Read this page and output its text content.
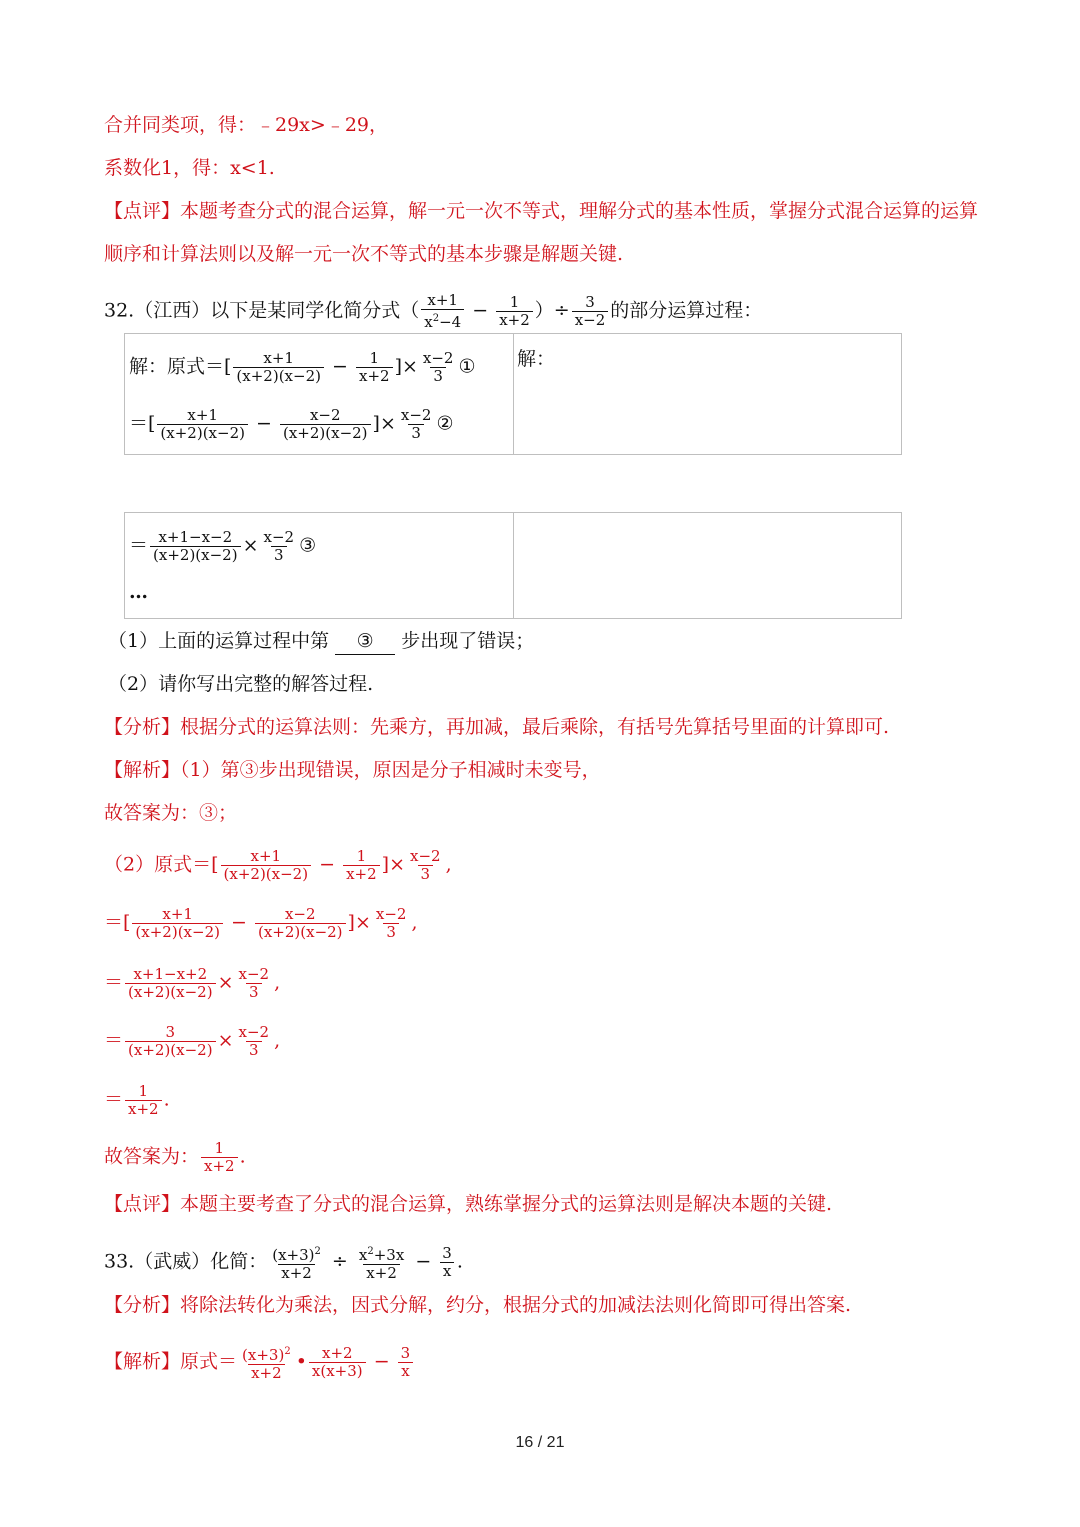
合并同类项，得：﹣29x>﹣29，
系数化1，得：x<1.
【点评】本题考查分式的混合运算，解一元一次不等式，理解分式的基本性质，掌握分式混合运算的运算
顺序和计算法则以及解一元一次不等式的基本步骤是解题关键.
32.（江西）以下是某同学化简分式（ $\frac{x+1}{x^2-4} - \frac{1}{x+2}$ ）÷ $\frac{3}{x-2}$ 的部分运算过程：
解：原式＝[ $\frac{x+1}{(x+2)(x-2)} - \frac{1}{x+2}$ ]× $\frac{x-2}{3}$ ①
＝[ $\frac{x+1}{(x+2)(x-2)} - \frac{x-2}{(x+2)(x-2)}$ ]× $\frac{x-2}{3}$ ②
解：
＝ $\frac{x+1-x-2}{(x+2)(x-2)} \times \frac{x-2}{3}$ ③
…
（1）上面的运算过程中第 ③ 步出现了错误；
（2）请你写出完整的解答过程.
【分析】根据分式的运算法则：先乘方，再加减，最后乘除，有括号先算括号里面的计算即可.
【解析】（1）第③步出现错误，原因是分子相减时未变号，
故答案为：③；
（2）原式＝[ $\frac{x+1}{(x+2)(x-2)} - \frac{1}{x+2}$ ]× $\frac{x-2}{3}$ ,
＝[ $\frac{x+1}{(x+2)(x-2)} - \frac{x-2}{(x+2)(x-2)}$ ]× $\frac{x-2}{3}$ ,
＝ $\frac{x+1-x+2}{(x+2)(x-2)} \times \frac{x-2}{3}$ ,
＝ $\frac{3}{(x+2)(x-2)} \times \frac{x-2}{3}$ ,
＝ $\frac{1}{x+2}$ .
故答案为： $\frac{1}{x+2}$ .
【点评】本题主要考查了分式的混合运算，熟练掌握分式的运算法则是解决本题的关键.
33.（武威）化简： $\frac{(x+3)^2}{x+2} \div \frac{x^2+3x}{x+2} - \frac{3}{x}$ .
【分析】将除法转化为乘法，因式分解，约分，根据分式的加减法法则化简即可得出答案.
【解析】原式＝ $\frac{(x+3)^2}{x+2}$ • $\frac{x+2}{x(x+3)} - \frac{3}{x}$
16 / 21
